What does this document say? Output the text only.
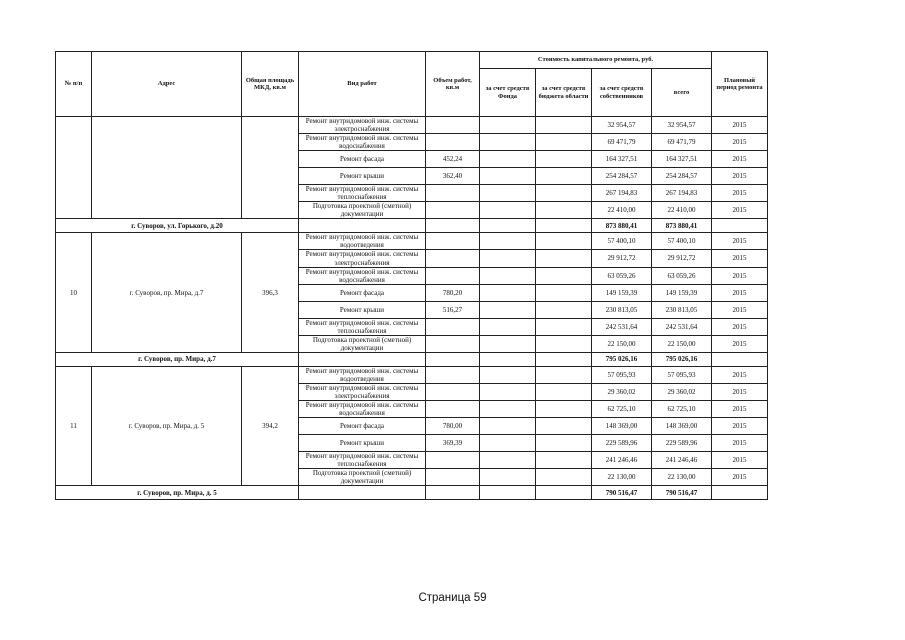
№ п/п	Адрес	Общая площадь МКД, кв.м	Вид работ	Объем работ, кв.м	Стоимость капитального ремонта, руб.				Плановый период ремонта
					за счет средств Фонда	за счет средств бюджета области	за счет средств собственников	всего	
			Ремонт внутридомовой инж. системы электроснабжения				32 954,57	32 954,57	2015
			Ремонт внутридомовой инж. системы водоснабжения				69 471,79	69 471,79	2015
			Ремонт фасада	452,24			164 327,51	164 327,51	2015
			Ремонт крыши	362,40			254 284,57	254 284,57	2015
			Ремонт внутридомовой инж. системы теплоснабжения				267 194,83	267 194,83	2015
			Подготовка проектной (сметной) документации				22 410,00	22 410,00	2015
г. Суворов, ул. Горького, д.20							873 880,41	873 880,41	
10	г. Суворов, пр. Мира, д.7	396,3	Ремонт внутридомовой инж. системы водоотведения				57 400,10	57 400,10	2015
			Ремонт внутридомовой инж. системы электроснабжения				29 912,72	29 912,72	2015
			Ремонт внутридомовой инж. системы водоснабжения				63 059,26	63 059,26	2015
			Ремонт фасада	780,20			149 159,39	149 159,39	2015
			Ремонт крыши	516,27			230 813,05	230 813,05	2015
			Ремонт внутридомовой инж. системы теплоснабжения				242 531,64	242 531,64	2015
			Подготовка проектной (сметной) документации				22 150,00	22 150,00	2015
г. Суворов, пр. Мира, д.7							795 026,16	795 026,16	
11	г. Суворов, пр. Мира, д. 5	394,2	Ремонт внутридомовой инж. системы водоотведения				57 095,93	57 095,93	2015
			Ремонт внутридомовой инж. системы электроснабжения				29 360,02	29 360,02	2015
			Ремонт внутридомовой инж. системы водоснабжения				62 725,10	62 725,10	2015
			Ремонт фасада	780,00			148 369,00	148 369,00	2015
			Ремонт крыши	369,39			229 589,96	229 589,96	2015
			Ремонт внутридомовой инж. системы теплоснабжения				241 246,46	241 246,46	2015
			Подготовка проектной (сметной) документации				22 130,00	22 130,00	2015
г. Суворов, пр. Мира, д. 5							790 516,47	790 516,47	
Страница 59
